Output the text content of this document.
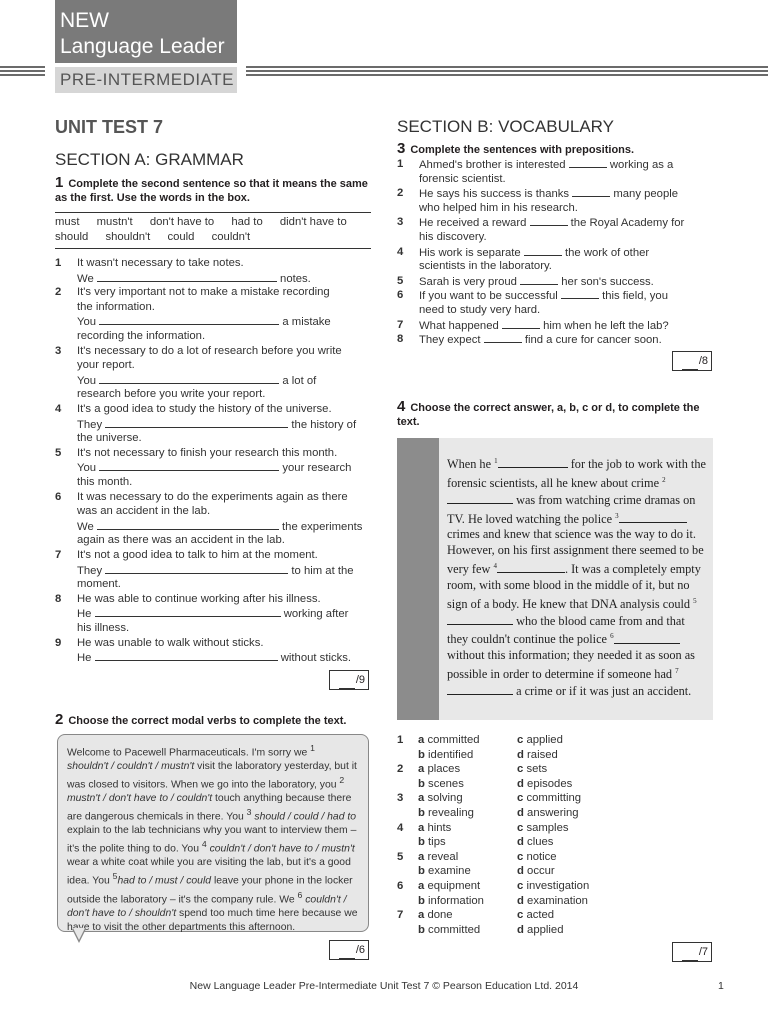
NEW
Language Leader
PRE-INTERMEDIATE
UNIT TEST 7
SECTION A: GRAMMAR
1 Complete the second sentence so that it means the same as the first. Use the words in the box.
must mustn't don't have to had to didn't have to
should shouldn't could couldn't
1 It wasn't necessary to take notes.
We	notes.
2 It's very important not to make a mistake recording
the information.
You	a mistake
recording the information.
3 It's necessary to do a lot of research before you write
your report.
You	a lot of
research before you write your report.
4 It's a good idea to study the history of the universe.
They	the history of
the universe.
5 It's not necessary to finish your research this month.
You	your research
this month.
6 It was necessary to do the experiments again as there
was an accident in the lab.
We	the experiments
again as there was an accident in the lab.
7 It's not a good idea to talk to him at the moment.
They	to him at the
moment.
8 He was able to continue working after his illness.
He	working after
his illness.
9 He was unable to walk without sticks.
He	without sticks.
/9
2 Choose the correct modal verbs to complete the text.
Welcome to Pacewell Pharmaceuticals. I'm sorry we $^1$ shouldn't / couldn't / mustn't visit the laboratory yesterday, but it was closed to visitors. When we go into the laboratory, you $^2$ mustn't / don't have to / couldn't touch anything because there are dangerous chemicals in there. You $^3$ should / could / had to explain to the lab technicians why you want to interview them – it's the polite thing to do. You $^4$ couldn't / don't have to / mustn't wear a white coat while you are visiting the lab, but it's a good idea. You $^5$had to / must / could leave your phone in the locker outside the laboratory – it's the company rule. We $^6$ couldn't / don't have to / shouldn't spend too much time here because we have to visit the other departments this afternoon.
/6
SECTION B: VOCABULARY
3 Complete the sentences with prepositions.
1 Ahmed's brother is interested	working as a
forensic scientist.
2 He says his success is thanks	many people
who helped him in his research.
3 He received a reward	the Royal Academy for
his discovery.
4 His work is separate	the work of other
scientists in the laboratory.
5 Sarah is very proud	her son's success.
6 If you want to be successful	this field, you
need to study very hard.
7 What happened	him when he left the lab?
8 They expect	find a cure for cancer soon.
/8
4 Choose the correct answer, a, b, c or d, to complete the text.
When he $^1$	for the job to work with the forensic scientists, all he knew about crime $^2$ was from watching crime dramas on TV. He loved watching the police $^3$ crimes and knew that science was the way to do it. However, on his first assignment there seemed to be very few $^4$	. It was a completely empty room, with some blood in the middle of it, but no sign of a body. He knew that DNA analysis could $^5$ who the blood came from and that they couldn't continue the police $^6$ without this information; they needed it as soon as possible in order to determine if someone had $^7$ a crime or if it was just an accident.
1 a committed	c applied
b identified	d raised
2 a places	c sets
b scenes	d episodes
3 a solving	c committing
b revealing	d answering
4 a hints	c samples
b tips	d clues
5 a reveal	c notice
b examine	d occur
6 a equipment	c investigation
b information	d examination
7 a done	c acted
b committed	d applied
/7
New Language Leader Pre-Intermediate Unit Test 7 © Pearson Education Ltd. 2014	1
